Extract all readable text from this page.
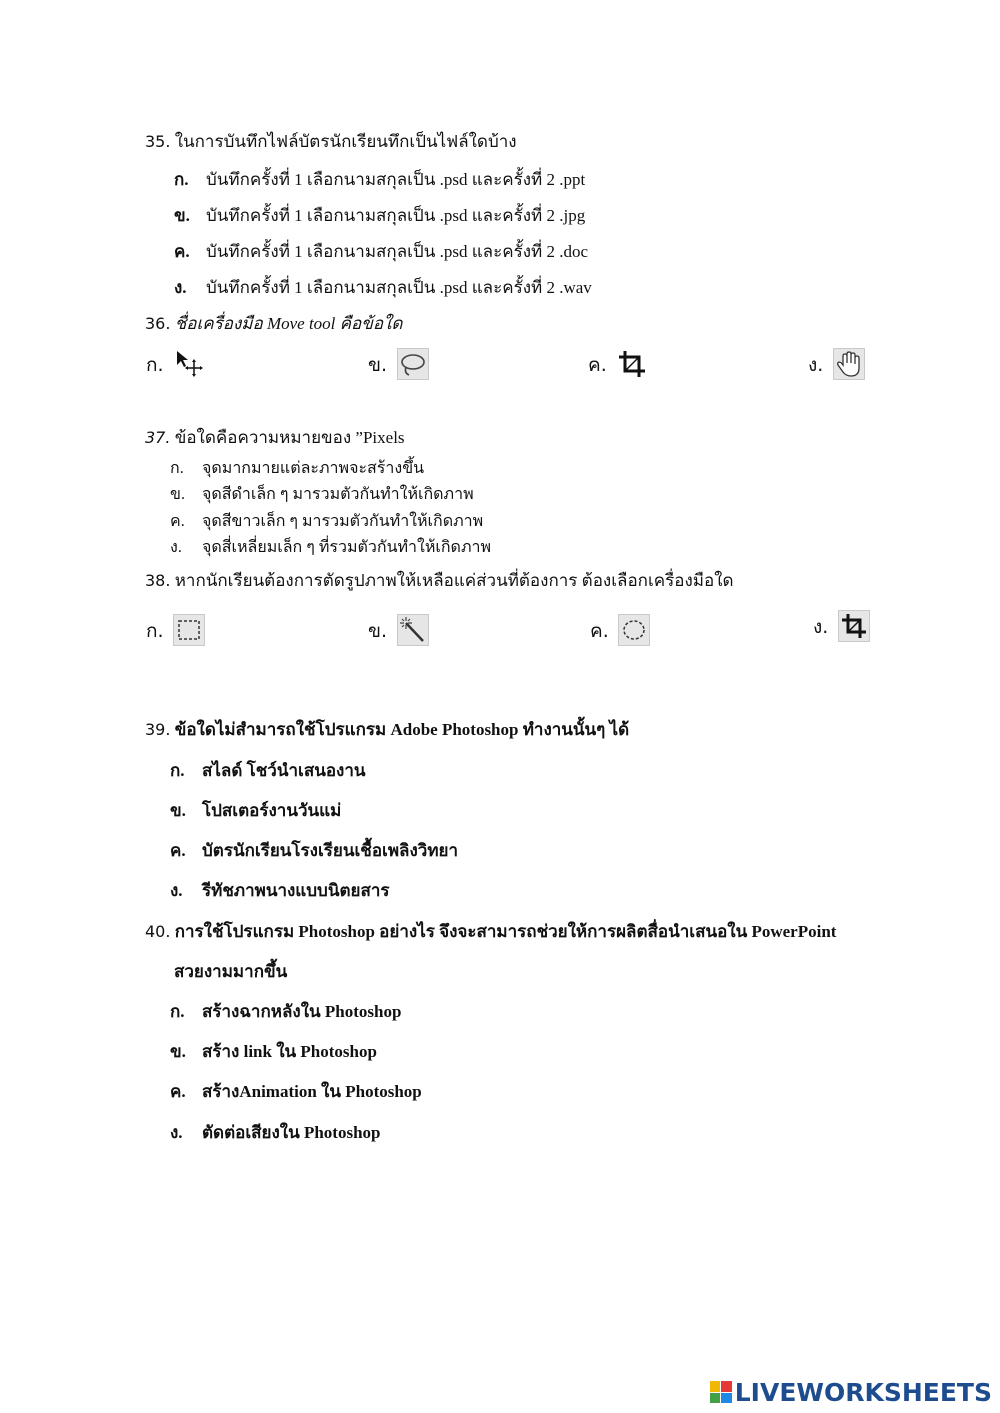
35. ในการบันทึกไฟล์บัตรนักเรียนทึกเป็นไฟล์ใดบ้าง
ก. บันทึกครั้งที่ 1 เลือกนามสกุลเป็น .psd และครั้งที่ 2 .ppt
ข. บันทึกครั้งที่ 1 เลือกนามสกุลเป็น .psd และครั้งที่ 2 .jpg
ค. บันทึกครั้งที่ 1 เลือกนามสกุลเป็น .psd และครั้งที่ 2 .doc
ง. บันทึกครั้งที่ 1 เลือกนามสกุลเป็น .psd และครั้งที่ 2 .wav
36. ชื่อเครื่องมือ Move tool คือข้อใด
ก.	ข.	ค.	ง.
37. ข้อใดคือความหมายของ ”Pixels
ก. จุดมากมายแต่ละภาพจะสร้างขึ้น
ข. จุดสีดำเล็ก ๆ มารวมตัวกันทำให้เกิดภาพ
ค. จุดสีขาวเล็ก ๆ มารวมตัวกันทำให้เกิดภาพ
ง. จุดสี่เหลี่ยมเล็ก ๆ ที่รวมตัวกันทำให้เกิดภาพ
38. หากนักเรียนต้องการตัดรูปภาพให้เหลือแค่ส่วนที่ต้องการ ต้องเลือกเครื่องมือใด
ก.	ข.	ค.	ง.
39. ข้อใดไม่สำมารถใช้โปรแกรม Adobe Photoshop ทำงานนั้นๆ ได้
ก. สไลด์ โชว์นำเสนองาน
ข. โปสเตอร์งานวันแม่
ค. บัตรนักเรียนโรงเรียนเชื้อเพลิงวิทยา
ง. รีทัชภาพนางแบบนิตยสาร
40. การใช้โปรแกรม Photoshop อย่างไร จึงจะสามารถช่วยให้การผลิตสื่อนำเสนอใน PowerPoint
สวยงามมากขึ้น
ก. สร้างฉากหลังใน Photoshop
ข. สร้าง link ใน Photoshop
ค. สร้างAnimation ใน Photoshop
ง. ตัดต่อเสียงใน Photoshop
LIVEWORKSHEETS
